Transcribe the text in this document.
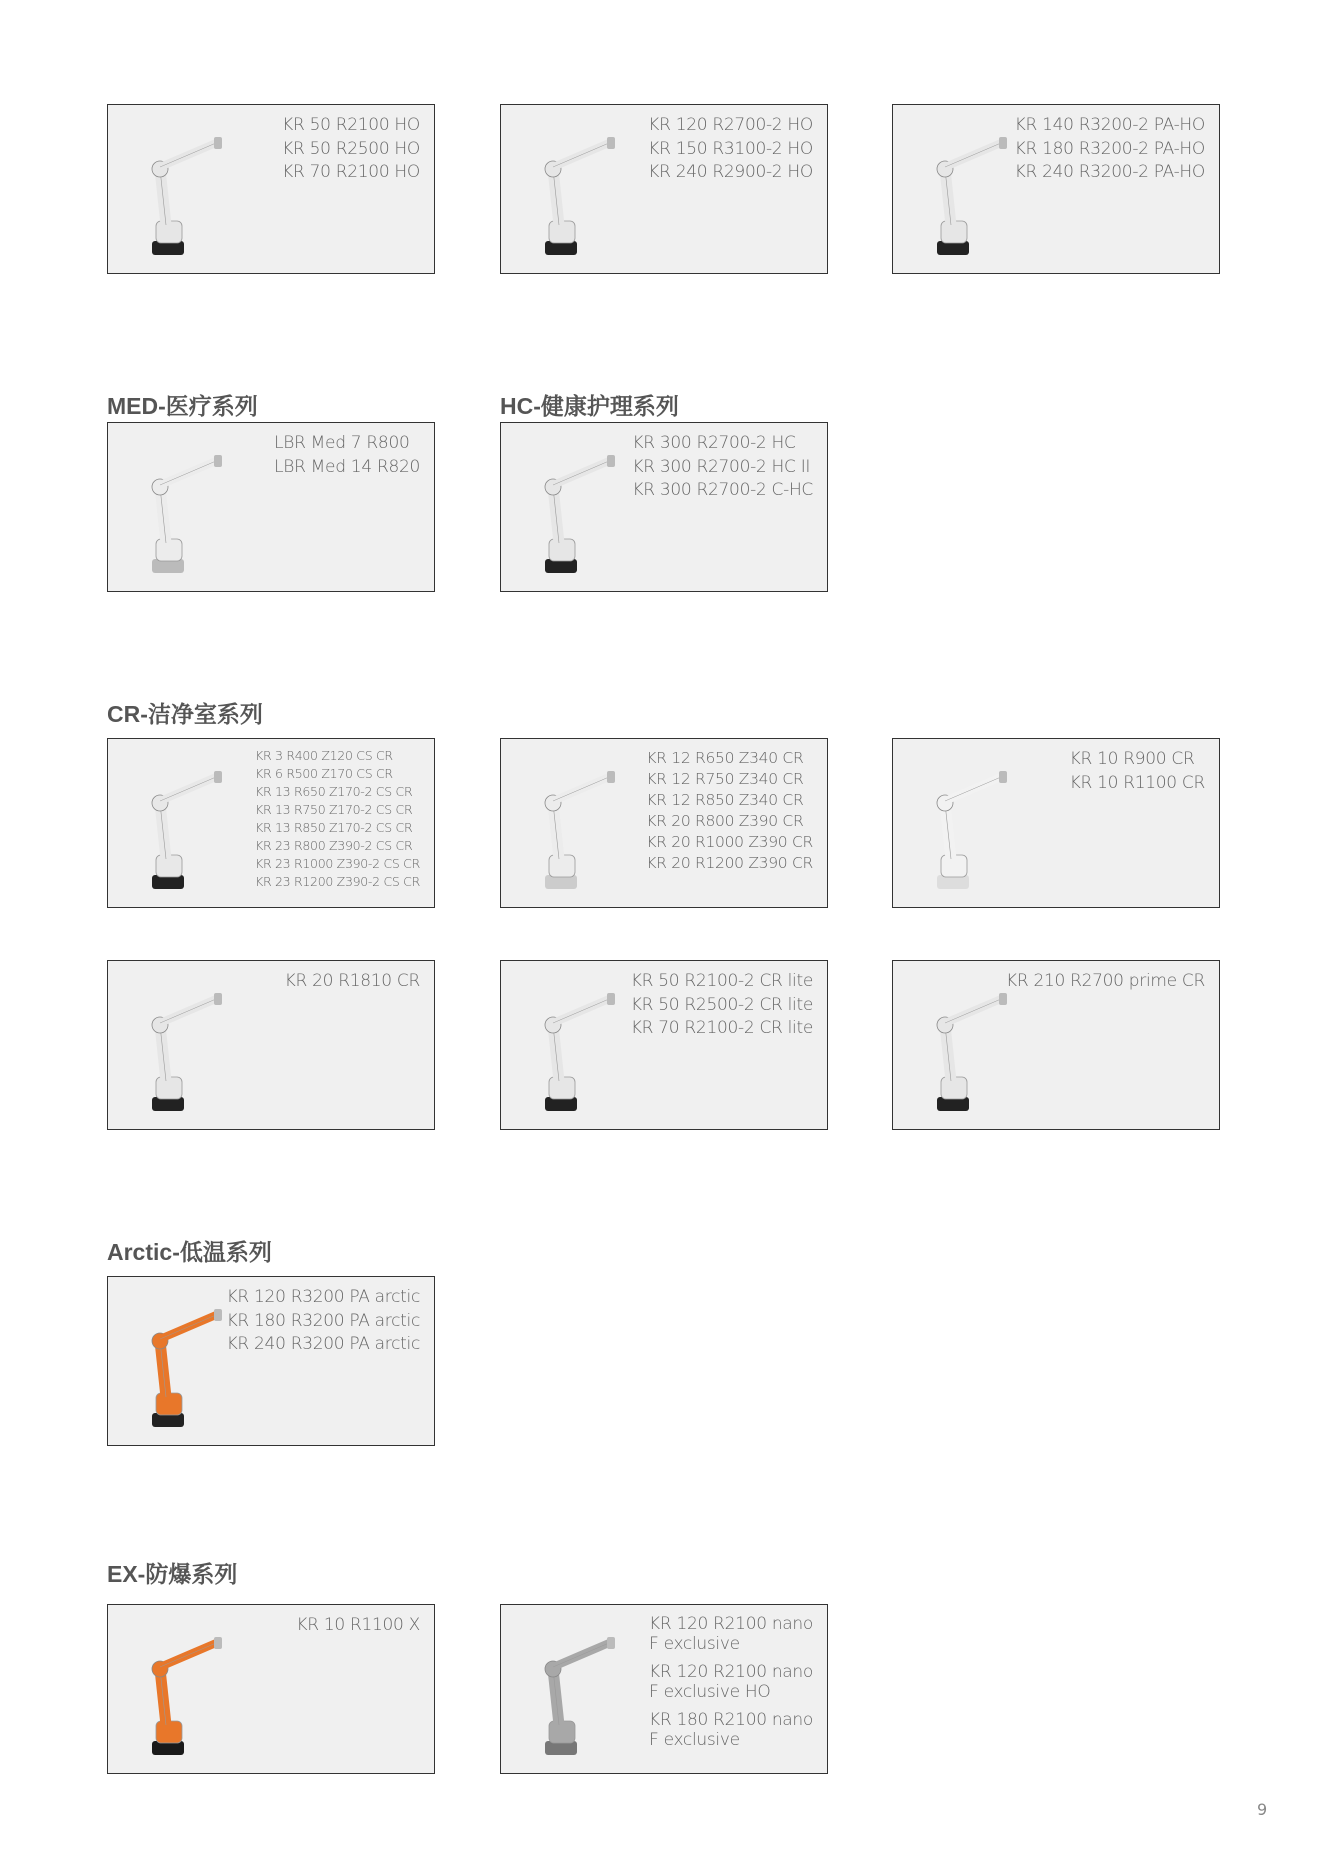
KR 50 R2100 HO
KR 50 R2500 HO
KR 70 R2100 HO
KR 120 R2700-2 HO
KR 150 R3100-2 HO
KR 240 R2900-2 HO
KR 140 R3200-2 PA-HO
KR 180 R3200-2 PA-HO
KR 240 R3200-2 PA-HO
MED-医疗系列	HC-健康护理系列
LBR Med 7 R800
LBR Med 14 R820
KR 300 R2700-2 HC
KR 300 R2700-2 HC II
KR 300 R2700-2 C-HC
CR-洁净室系列
KR 3 R400 Z120 CS CR
KR 6 R500 Z170 CS CR
KR 13 R650 Z170-2 CS CR
KR 13 R750 Z170-2 CS CR
KR 13 R850 Z170-2 CS CR
KR 23 R800 Z390-2 CS CR
KR 23 R1000 Z390-2 CS CR
KR 23 R1200 Z390-2 CS CR
KR 12 R650 Z340 CR
KR 12 R750 Z340 CR
KR 12 R850 Z340 CR
KR 20 R800 Z390 CR
KR 20 R1000 Z390 CR
KR 20 R1200 Z390 CR
KR 10 R900 CR
KR 10 R1100 CR
KR 20 R1810 CR	KR 50 R2100-2 CR lite
KR 50 R2500-2 CR lite
KR 70 R2100-2 CR lite
KR 210 R2700 prime CR
Arctic-低温系列
KR 120 R3200 PA arctic
KR 180 R3200 PA arctic
KR 240 R3200 PA arctic
EX-防爆系列
KR 10 R1100 X	KR 120 R2100 nano
F exclusive
KR 120 R2100 nano
F exclusive HO
KR 180 R2100 nano
F exclusive
9
